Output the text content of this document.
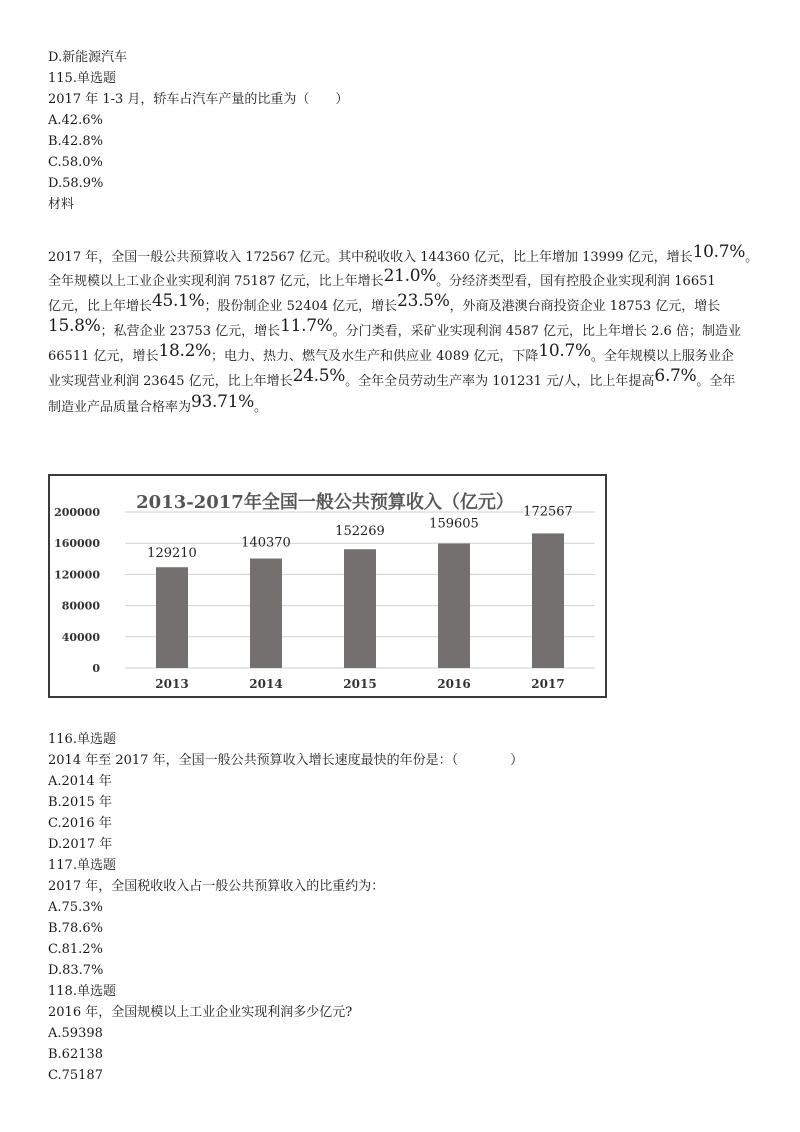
D.新能源汽车
115.单选题
2017 年 1-3 月，轿车占汽车产量的比重为（　　）
A.42.6%
B.42.8%
C.58.0%
D.58.9%
材料
2017 年，全国一般公共预算收入 172567 亿元。其中税收收入 144360 亿元，比上年增加 13999 亿元，增长10.7%。
全年规模以上工业企业实现利润 75187 亿元，比上年增长21.0%。分经济类型看，国有控股企业实现利润 16651
亿元，比上年增长45.1%；股份制企业 52404 亿元，增长23.5%，外商及港澳台商投资企业 18753 亿元，增长
15.8%；私营企业 23753 亿元，增长11.7%。分门类看，采矿业实现利润 4587 亿元，比上年增长 2.6 倍；制造业
66511 亿元，增长18.2%；电力、热力、燃气及水生产和供应业 4089 亿元，下降10.7%。全年规模以上服务业企
业实现营业利润 23645 亿元，比上年增长24.5%。全年全员劳动生产率为 101231 元/人，比上年提高6.7%。全年
制造业产品质量合格率为93.71%。
2013-2017年全国一般公共预算收入（亿元）
0
40000
80000
120000
160000
200000
129210
140370
152269
159605
172567
2013	2014	2015	2016	2017
116.单选题
2014 年至 2017 年，全国一般公共预算收入增长速度最快的年份是：（　　　　）
A.2014 年
B.2015 年
C.2016 年
D.2017 年
117.单选题
2017 年，全国税收收入占一般公共预算收入的比重约为：
A.75.3%
B.78.6%
C.81.2%
D.83.7%
118.单选题
2016 年，全国规模以上工业企业实现利润多少亿元?
A.59398
B.62138
C.75187
